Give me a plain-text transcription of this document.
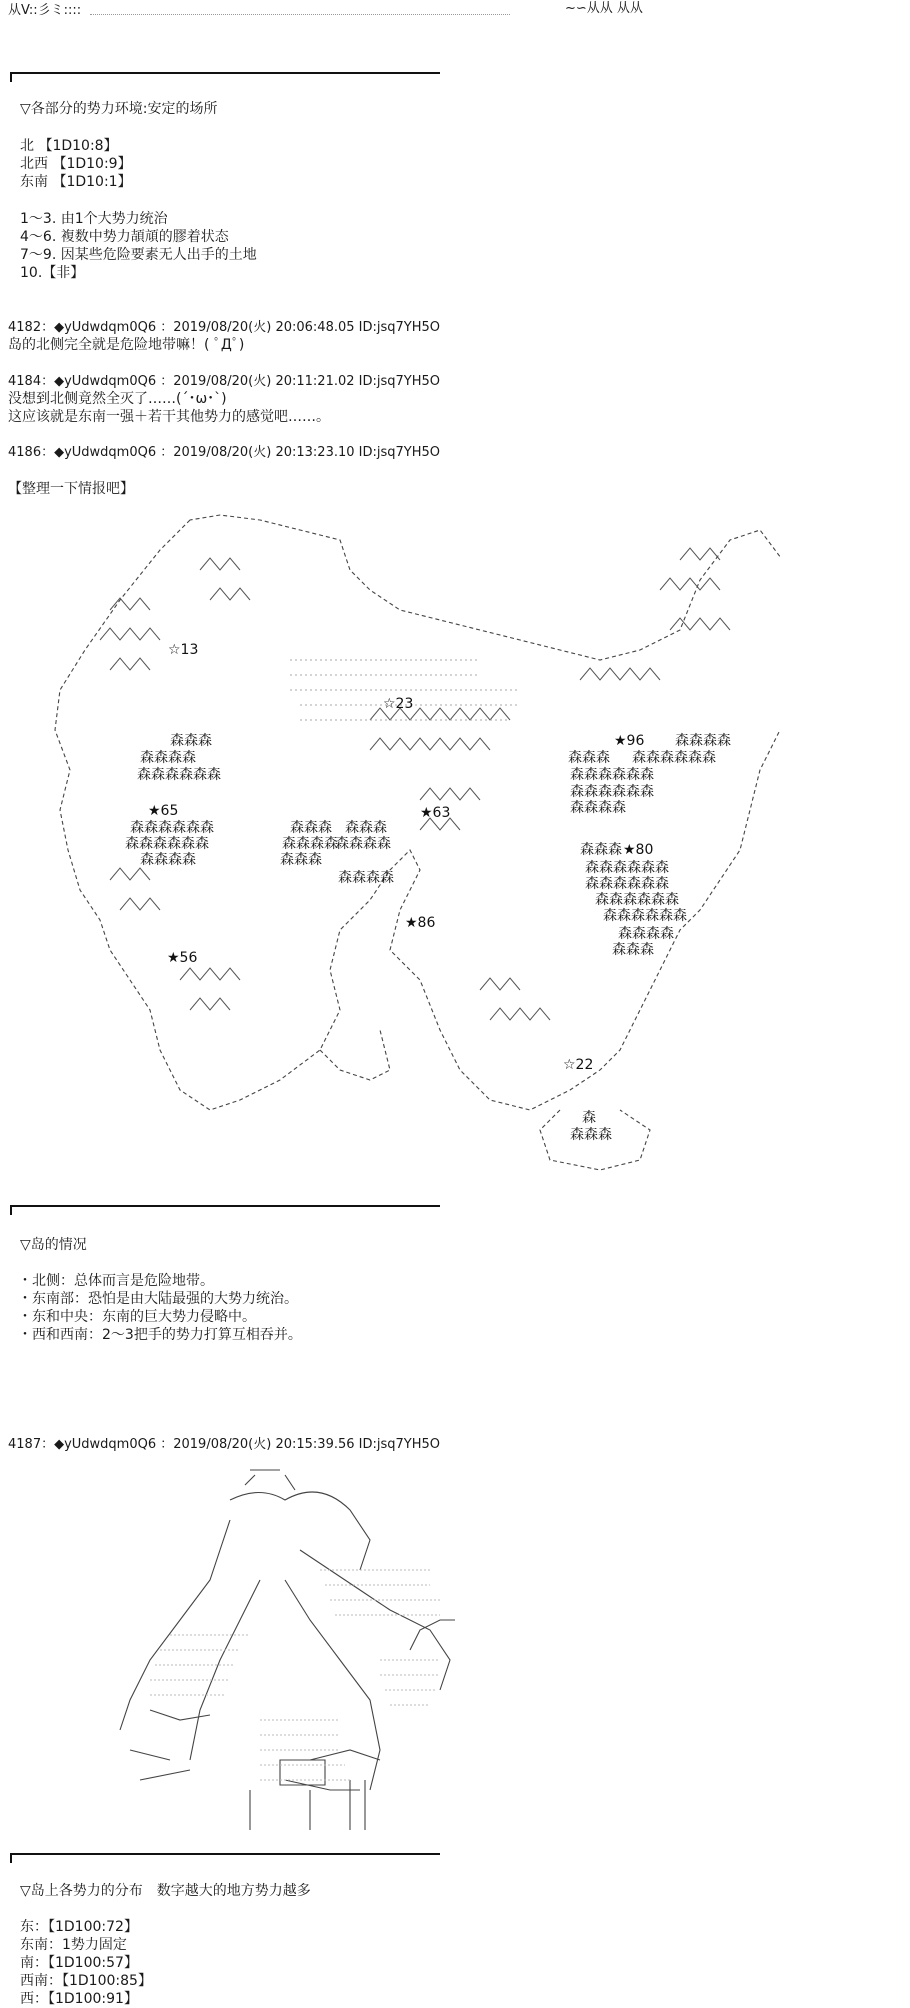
从V::彡ミ::::	~∽从从 从从
▽各部分的势力环境:安定的场所
北 【1D10:8】
北西 【1D10:9】
东南 【1D10:1】
1～3. 由1个大势力统治
4～6. 複数中势力頡頏的膠着状态
7～9. 因某些危险要素无人出手的土地
10.【非】
4182：◆yUdwdqm0Q6 ：2019/08/20(火) 20:06:48.05 ID:jsq7YH5O
岛的北侧完全就是危险地带嘛！( ﾟДﾟ)
4184：◆yUdwdqm0Q6 ：2019/08/20(火) 20:11:21.02 ID:jsq7YH5O
没想到北侧竟然全灭了……(´･ω･`)
这应该就是东南一强＋若干其他势力的感觉吧……。
4186：◆yUdwdqm0Q6 ：2019/08/20(火) 20:13:23.10 ID:jsq7YH5O
【整理一下情报吧】
☆13
☆23
★96
★65	★63
★80
★86
★56
☆22
森森森
森森森森
森森森森森森
森森森森森森
森森森森森森
森森森森
森森森 森森森
森森森森
森森森森
森森森
森森森森
森森森森
森森森森森森
森森森
森森森森森森
森森森森森森
森森森森
森森森
森森森森森森
森森森森森森
森森森森森森
森森森森森森
森森森森
森森森
森
森森森
▽岛的情况
・北侧：总体而言是危险地带。
・东南部：恐怕是由大陆最强的大势力统治。
・东和中央：东南的巨大势力侵略中。
・西和西南：2～3把手的势力打算互相吞并。
4187：◆yUdwdqm0Q6 ：2019/08/20(火) 20:15:39.56 ID:jsq7YH5O
▽岛上各势力的分布　数字越大的地方势力越多
东：【1D100:72】
东南：1势力固定
南：【1D100:57】
西南：【1D100:85】
西：【1D100:91】
